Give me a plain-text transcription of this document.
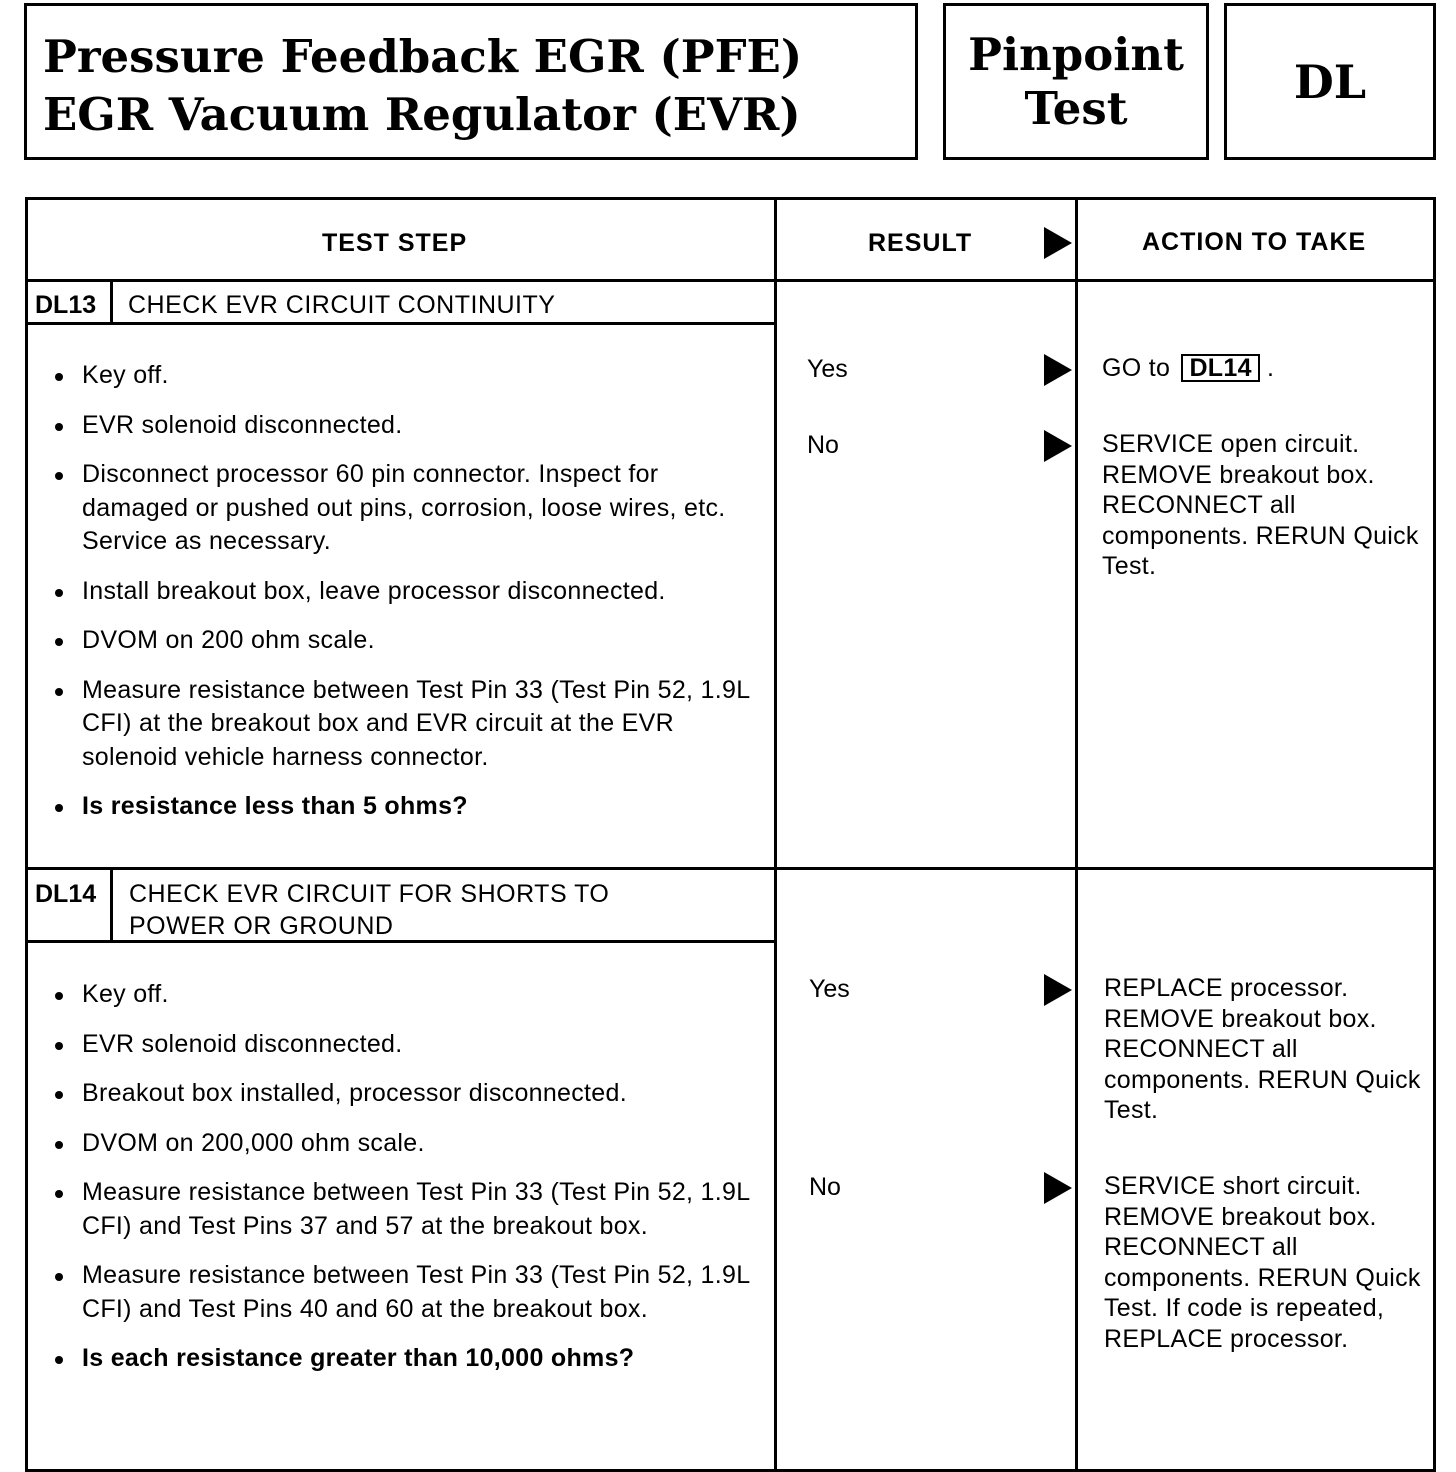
Pressure Feedback EGR (PFE)
EGR Vacuum Regulator (EVR)
Pinpoint
Test	DL
TEST STEP	RESULT	ACTION TO TAKE
DL13 CHECK EVR CIRCUIT CONTINUITY
Key off.
EVR solenoid disconnected.
Disconnect processor 60 pin connector. Inspect for damaged or pushed out pins, corrosion, loose wires, etc. Service as necessary.
Install breakout box, leave processor disconnected.
DVOM on 200 ohm scale.
Measure resistance between Test Pin 33 (Test Pin 52, 1.9L CFI) at the breakout box and EVR circuit at the EVR solenoid vehicle harness connector.
Is resistance less than 5 ohms?
Yes	GO to DL14 .
No	SERVICE open circuit. REMOVE breakout box. RECONNECT all components. RERUN Quick Test.
DL14 CHECK EVR CIRCUIT FOR SHORTS TO
POWER OR GROUND
Key off.
EVR solenoid disconnected.
Breakout box installed, processor disconnected.
DVOM on 200,000 ohm scale.
Measure resistance between Test Pin 33 (Test Pin 52, 1.9L CFI) and Test Pins 37 and 57 at the breakout box.
Measure resistance between Test Pin 33 (Test Pin 52, 1.9L CFI) and Test Pins 40 and 60 at the breakout box.
Is each resistance greater than 10,000 ohms?
Yes	REPLACE processor. REMOVE breakout box. RECONNECT all components. RERUN Quick Test.
No	SERVICE short circuit. REMOVE breakout box. RECONNECT all components. RERUN Quick Test. If code is repeated, REPLACE processor.
